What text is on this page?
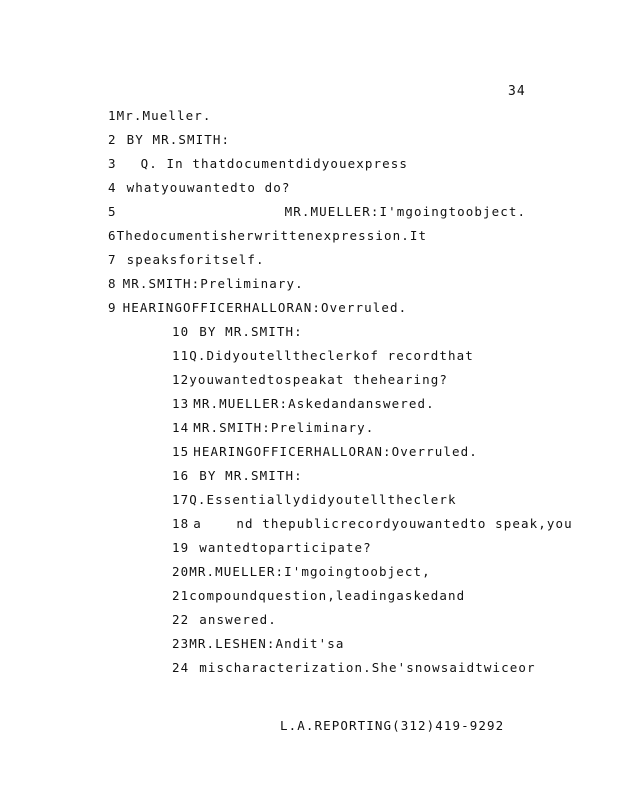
34
1Mr.Mueller.
2 BY MR.SMITH:
3 Q. In thatdocumentdidyouexpress
4 whatyouwantedto do?
5	MR.MUELLER:I'mgoingtoobject.
6Thedocumentisherwrittenexpression.It
7 speaksforitself.
8 MR.SMITH:Preliminary.
9 HEARINGOFFICERHALLORAN:Overruled.
10 BY MR.SMITH:
11Q.Didyoutelltheclerkof recordthat
12youwantedtospeakat thehearing?
13 MR.MUELLER:Askedandanswered.
14 MR.SMITH:Preliminary.
15 HEARINGOFFICERHALLORAN:Overruled.
16 BY MR.SMITH:
17Q.Essentiallydidyoutelltheclerk
18 a    nd thepublicrecordyouwantedto speak,you
19 wantedtoparticipate?
20MR.MUELLER:I'mgoingtoobject,
21compoundquestion,leadingaskedand
22 answered.
23MR.LESHEN:Andit'sa
24 mischaracterization.She'snowsaidtwiceor
L.A.REPORTING(312)419-9292
